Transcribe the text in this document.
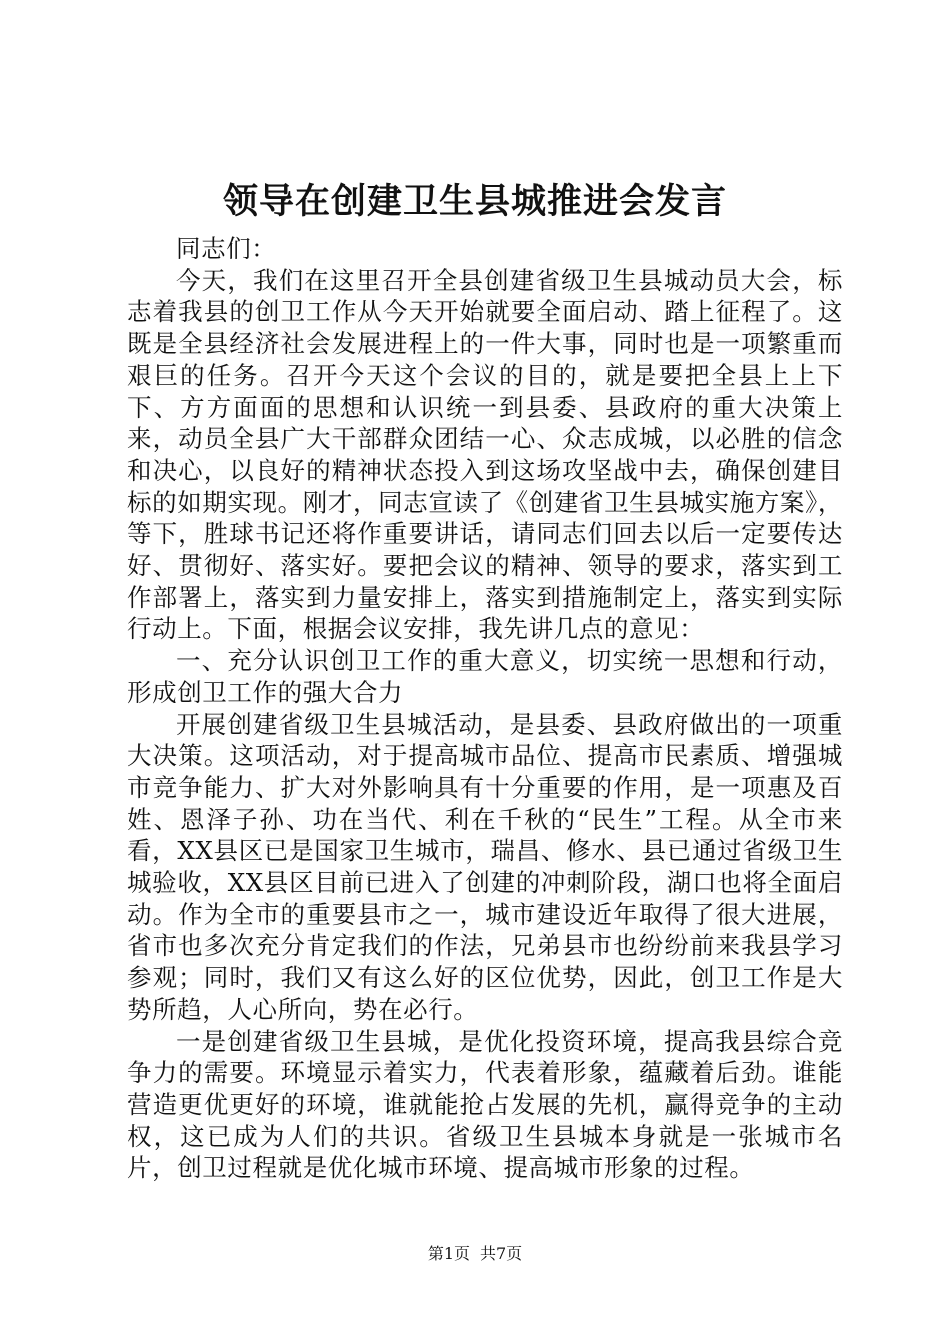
领导在创建卫生县城推进会发言

同志们：

今天，我们在这里召开全县创建省级卫生县城动员大会，标志着我县的创卫工作从今天开始就要全面启动、踏上征程了。这既是全县经济社会发展进程上的一件大事，同时也是一项繁重而艰巨的任务。召开今天这个会议的目的，就是要把全县上上下下、方方面面的思想和认识统一到县委、县政府的重大决策上来，动员全县广大干部群众团结一心、众志成城，以必胜的信念和决心，以良好的精神状态投入到这场攻坚战中去，确保创建目标的如期实现。刚才，同志宣读了《创建省卫生县城实施方案》，等下，胜球书记还将作重要讲话，请同志们回去以后一定要传达好、贯彻好、落实好。要把会议的精神、领导的要求，落实到工作部署上，落实到力量安排上，落实到措施制定上，落实到实际行动上。下面，根据会议安排，我先讲几点的意见：

一、充分认识创卫工作的重大意义，切实统一思想和行动，形成创卫工作的强大合力

开展创建省级卫生县城活动，是县委、县政府做出的一项重大决策。这项活动，对于提高城市品位、提高市民素质、增强城市竞争能力、扩大对外影响具有十分重要的作用，是一项惠及百姓、恩泽子孙、功在当代、利在千秋的“民生”工程。从全市来看，XX县区已是国家卫生城市，瑞昌、修水、县已通过省级卫生城验收，XX县区目前已进入了创建的冲刺阶段，湖口也将全面启动。作为全市的重要县市之一，城市建设近年取得了很大进展，省市也多次充分肯定我们的作法，兄弟县市也纷纷前来我县学习参观；同时，我们又有这么好的区位优势，因此，创卫工作是大势所趋，人心所向，势在必行。

一是创建省级卫生县城，是优化投资环境，提高我县综合竞争力的需要。环境显示着实力，代表着形象，蕴藏着后劲。谁能营造更优更好的环境，谁就能抢占发展的先机，赢得竞争的主动权，这已成为人们的共识。省级卫生县城本身就是一张城市名片，创卫过程就是优化城市环境、提高城市形象的过程。

第1页 共7页
